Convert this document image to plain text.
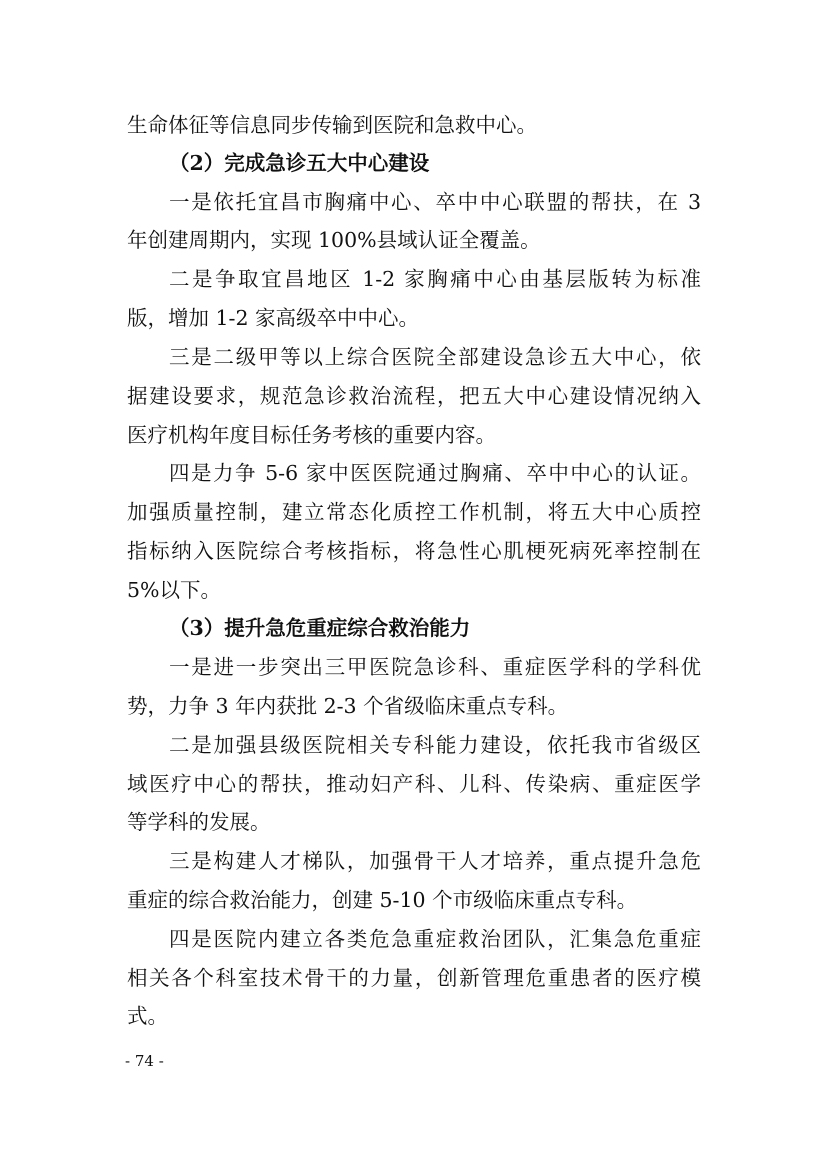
生命体征等信息同步传输到医院和急救中心。
（2）完成急诊五大中心建设
一是依托宜昌市胸痛中心、卒中中心联盟的帮扶，在 3
年创建周期内，实现 100%县域认证全覆盖。
二是争取宜昌地区 1-2 家胸痛中心由基层版转为标准
版，增加 1-2 家高级卒中中心。
三是二级甲等以上综合医院全部建设急诊五大中心，依
据建设要求，规范急诊救治流程，把五大中心建设情况纳入
医疗机构年度目标任务考核的重要内容。
四是力争 5-6 家中医医院通过胸痛、卒中中心的认证。
加强质量控制，建立常态化质控工作机制，将五大中心质控
指标纳入医院综合考核指标，将急性心肌梗死病死率控制在
5%以下。
（3）提升急危重症综合救治能力
一是进一步突出三甲医院急诊科、重症医学科的学科优
势，力争 3 年内获批 2-3 个省级临床重点专科。
二是加强县级医院相关专科能力建设，依托我市省级区
域医疗中心的帮扶，推动妇产科、儿科、传染病、重症医学
等学科的发展。
三是构建人才梯队，加强骨干人才培养，重点提升急危
重症的综合救治能力，创建 5-10 个市级临床重点专科。
四是医院内建立各类危急重症救治团队，汇集急危重症
相关各个科室技术骨干的力量，创新管理危重患者的医疗模
式。
- 74 -
